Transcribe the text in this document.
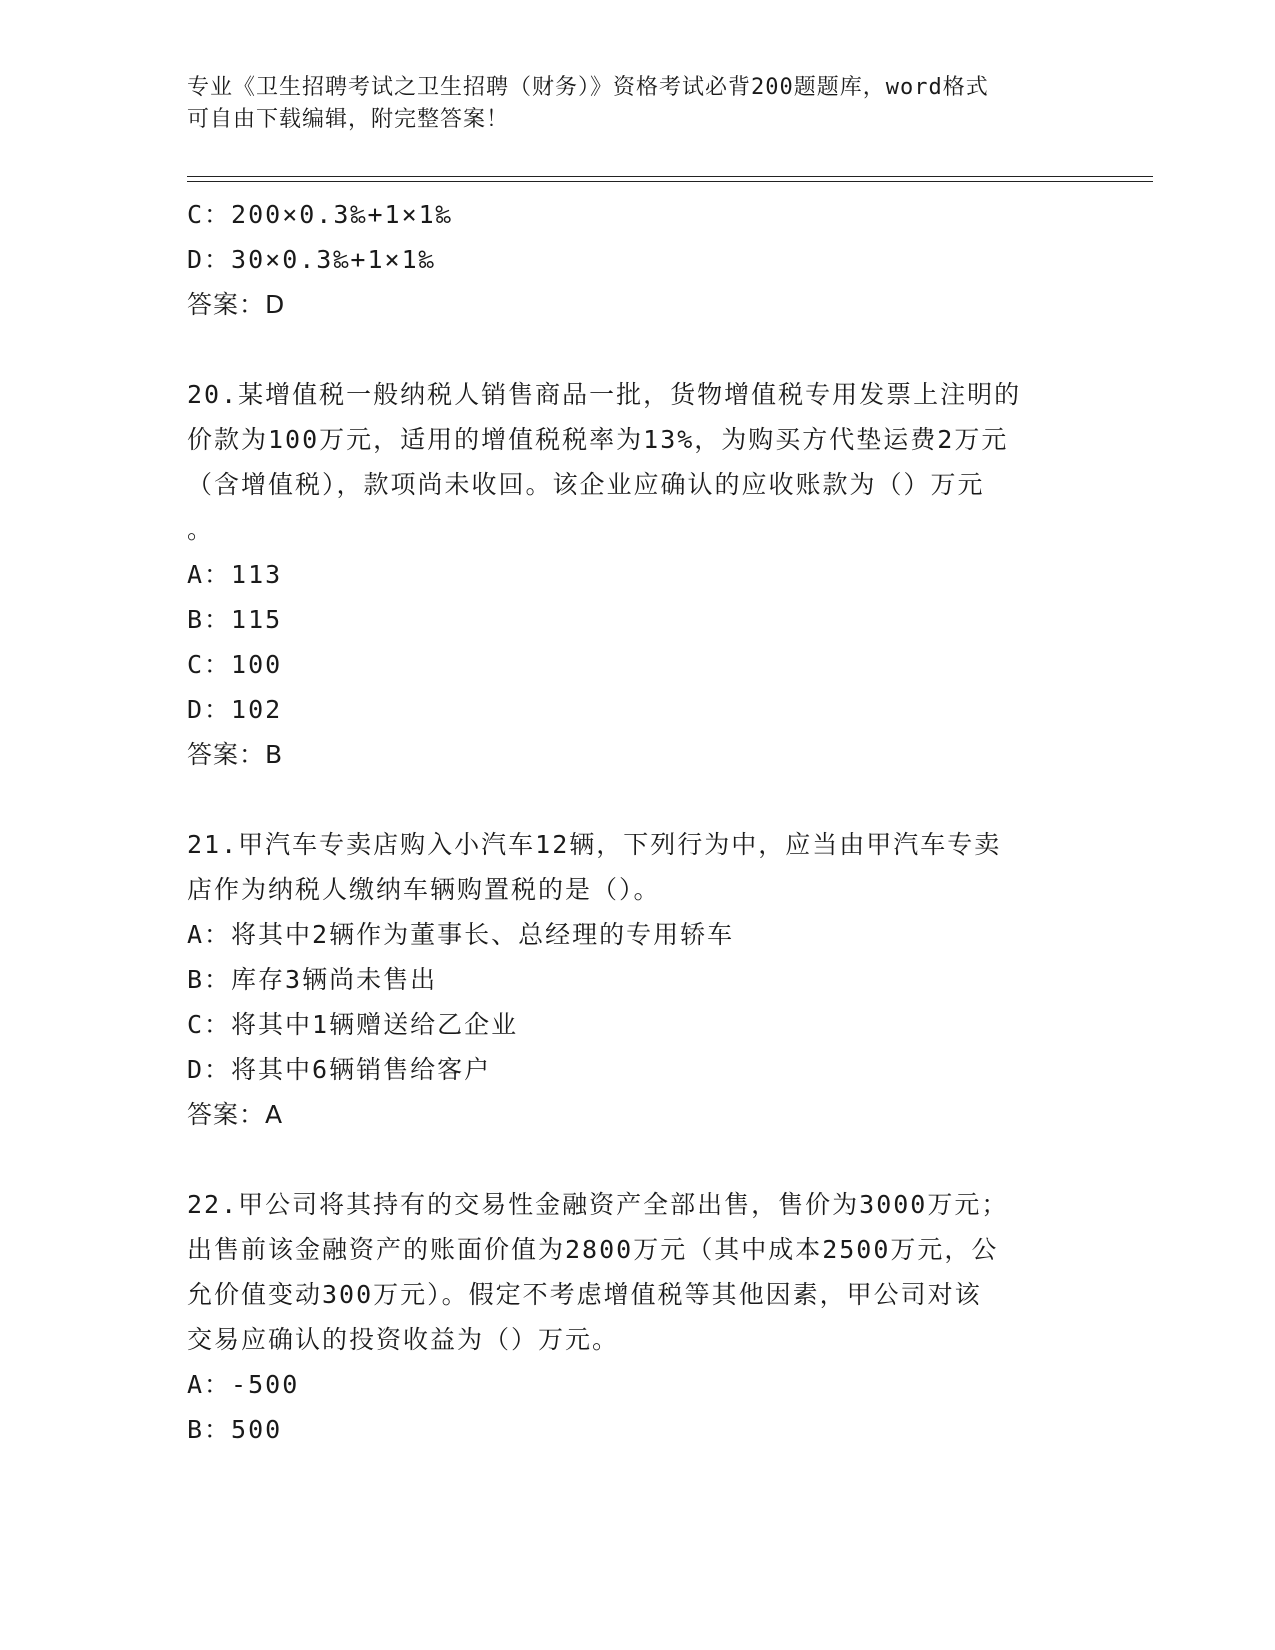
专业《卫生招聘考试之卫生招聘（财务）》资格考试必背200题题库，word格式
可自由下载编辑，附完整答案！
C：200×0.3‰+1×1‰
D：30×0.3‰+1×1‰
答案：D
20.某增值税一般纳税人销售商品一批，货物增值税专用发票上注明的
价款为100万元，适用的增值税税率为13%，为购买方代垫运费2万元
（含增值税），款项尚未收回。该企业应确认的应收账款为（）万元
。
A：113
B：115
C：100
D：102
答案：B
21.甲汽车专卖店购入小汽车12辆，下列行为中，应当由甲汽车专卖
店作为纳税人缴纳车辆购置税的是（）。
A：将其中2辆作为董事长、总经理的专用轿车
B：库存3辆尚未售出
C：将其中1辆赠送给乙企业
D：将其中6辆销售给客户
答案：A
22.甲公司将其持有的交易性金融资产全部出售，售价为3000万元；
出售前该金融资产的账面价值为2800万元（其中成本2500万元，公
允价值变动300万元）。假定不考虑增值税等其他因素，甲公司对该
交易应确认的投资收益为（）万元。
A：-500
B：500
